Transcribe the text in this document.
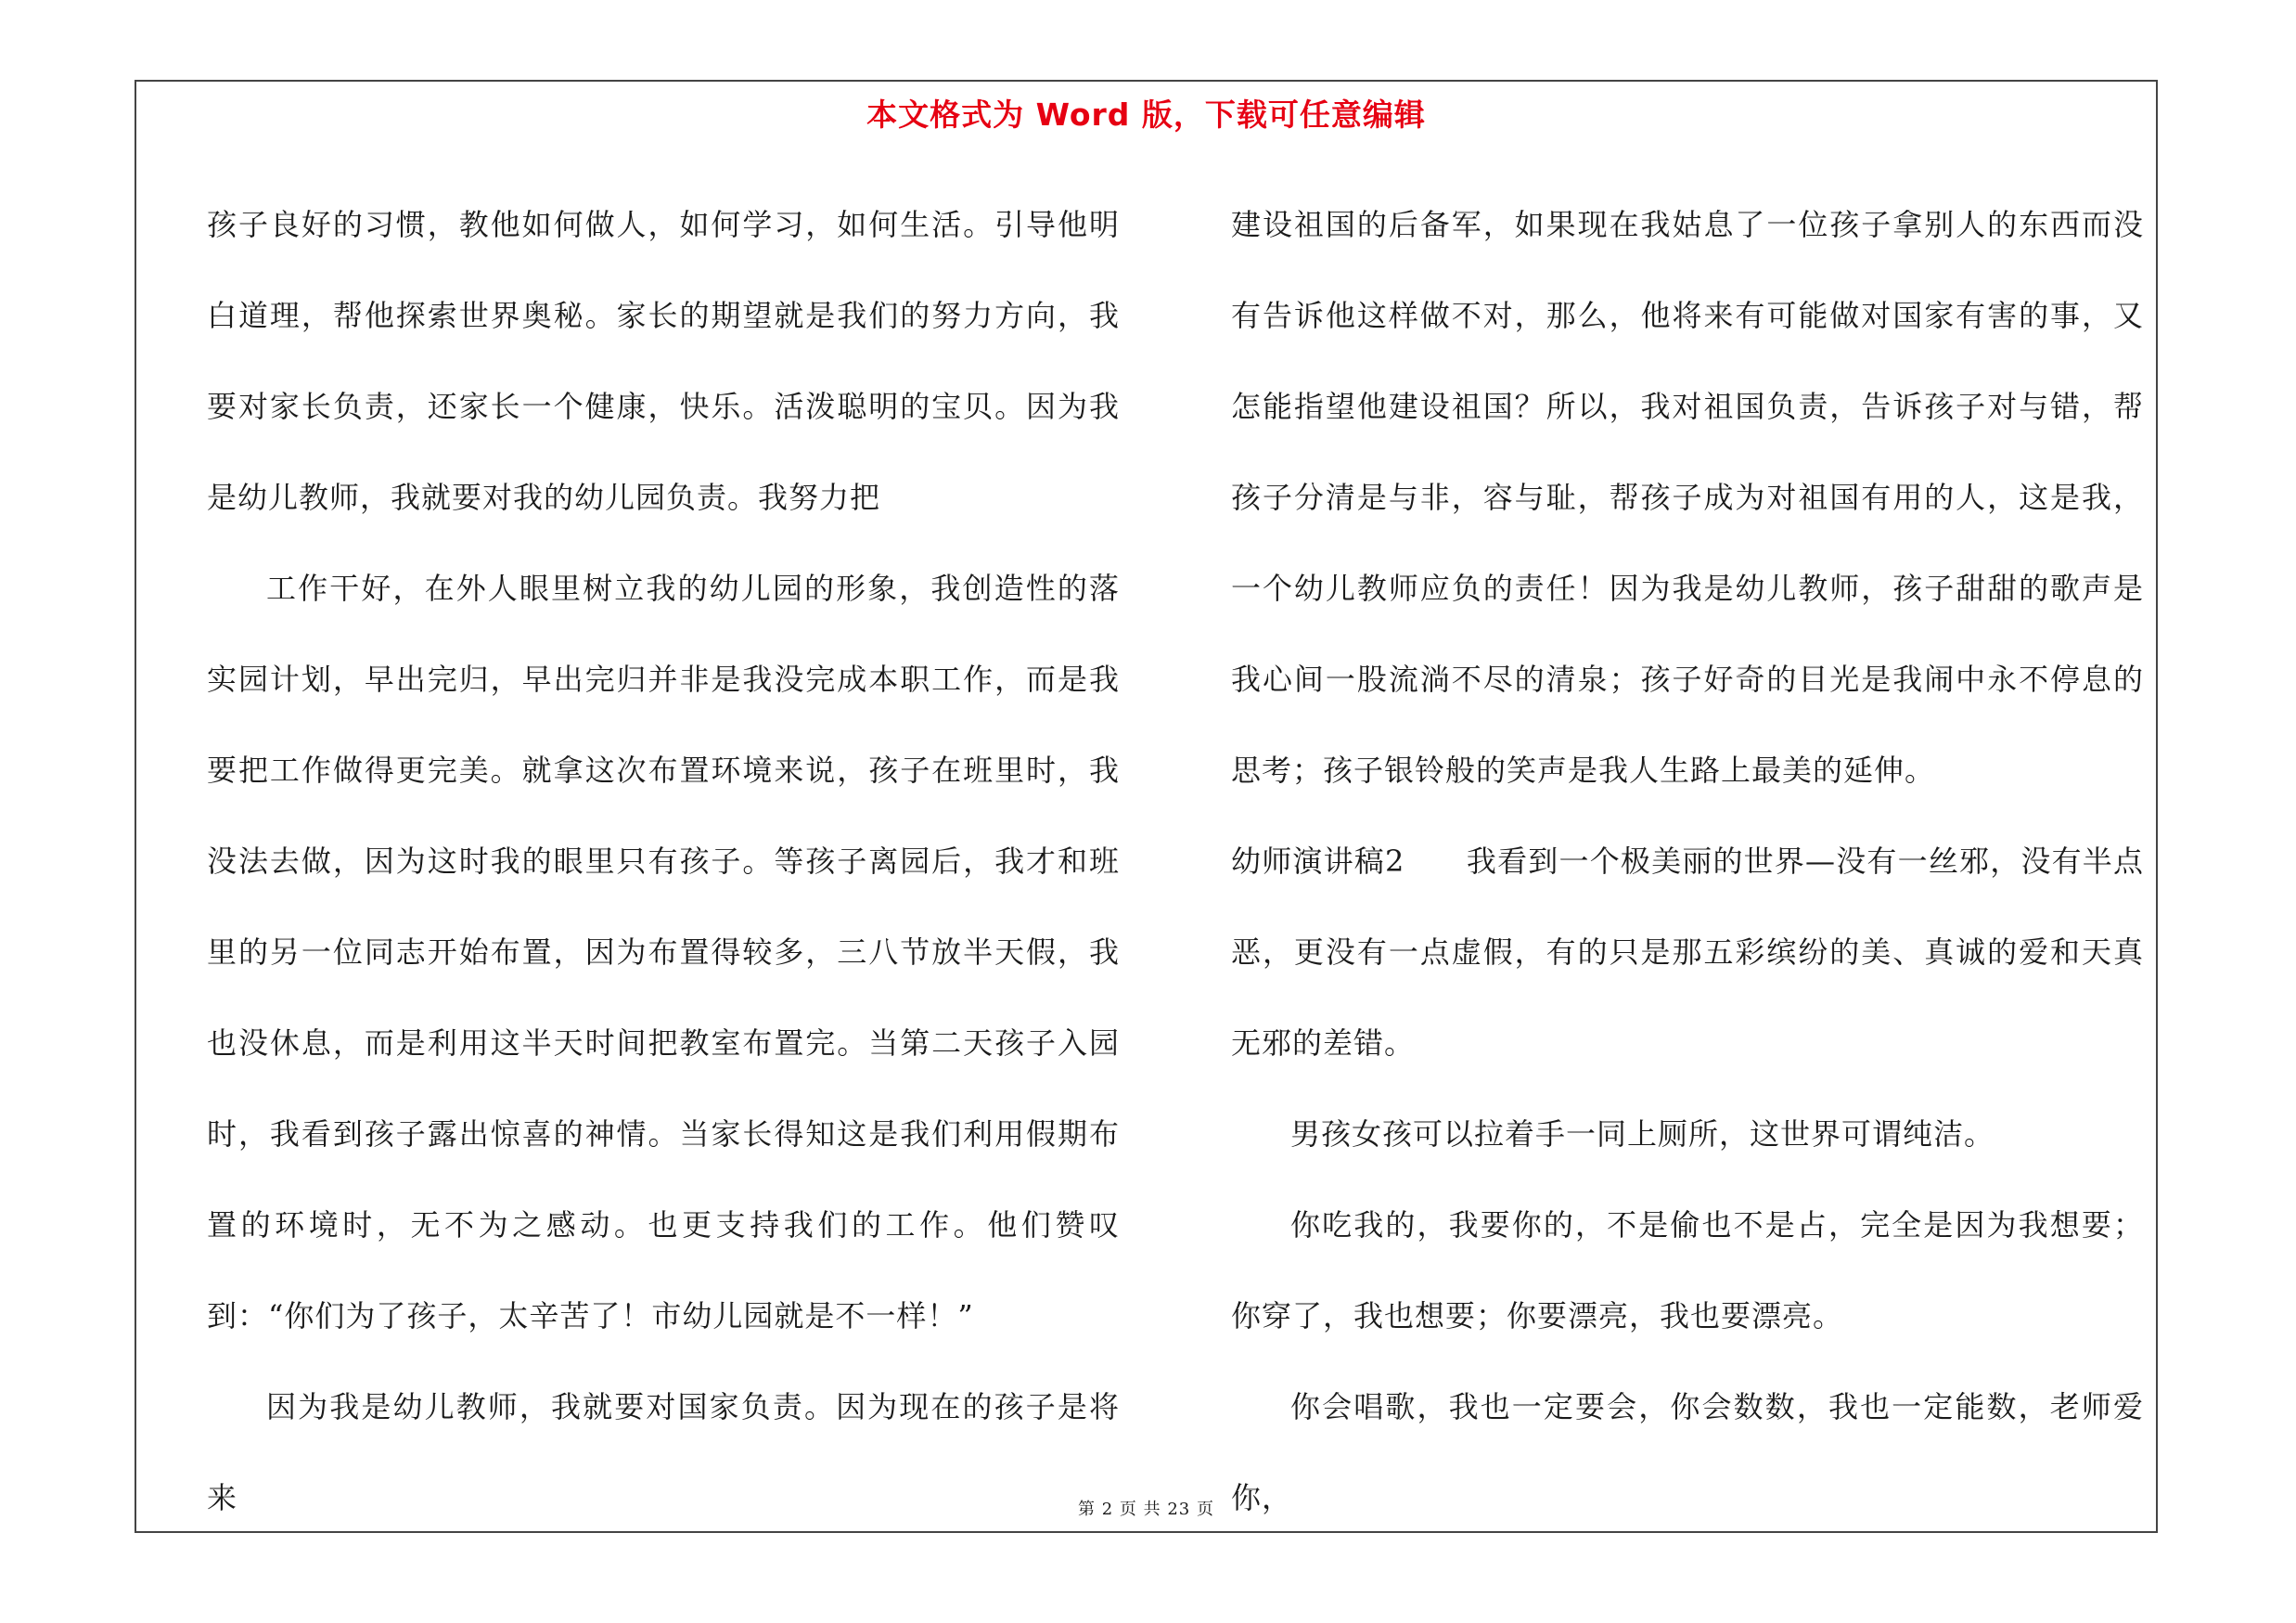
本文格式为 Word 版，下载可任意编辑

孩子良好的习惯，教他如何做人，如何学习，如何生活。引导他明白道理，帮他探索世界奥秘。家长的期望就是我们的努力方向，我要对家长负责，还家长一个健康，快乐。活泼聪明的宝贝。因为我是幼儿教师，我就要对我的幼儿园负责。我努力把

工作干好，在外人眼里树立我的幼儿园的形象，我创造性的落实园计划，早出完归，早出完归并非是我没完成本职工作，而是我要把工作做得更完美。就拿这次布置环境来说，孩子在班里时，我没法去做，因为这时我的眼里只有孩子。等孩子离园后，我才和班里的另一位同志开始布置，因为布置得较多，三八节放半天假，我也没休息，而是利用这半天时间把教室布置完。当第二天孩子入园时，我看到孩子露出惊喜的神情。当家长得知这是我们利用假期布置的环境时，无不为之感动。也更支持我们的工作。他们赞叹到：“你们为了孩子，太辛苦了！市幼儿园就是不一样！”

因为我是幼儿教师，我就要对国家负责。因为现在的孩子是将来

建设祖国的后备军，如果现在我姑息了一位孩子拿别人的东西而没有告诉他这样做不对，那么，他将来有可能做对国家有害的事，又怎能指望他建设祖国？所以，我对祖国负责，告诉孩子对与错，帮孩子分清是与非，容与耻，帮孩子成为对祖国有用的人，这是我，一个幼儿教师应负的责任！因为我是幼儿教师，孩子甜甜的歌声是我心间一股流淌不尽的清泉；孩子好奇的目光是我闹中永不停息的思考；孩子银铃般的笑声是我人生路上最美的延伸。

幼师演讲稿2　　我看到一个极美丽的世界—没有一丝邪，没有半点恶，更没有一点虚假，有的只是那五彩缤纷的美、真诚的爱和天真无邪的差错。

男孩女孩可以拉着手一同上厕所，这世界可谓纯洁。

你吃我的，我要你的，不是偷也不是占，完全是因为我想要；你穿了，我也想要；你要漂亮，我也要漂亮。

你会唱歌，我也一定要会，你会数数，我也一定能数，老师爱你，

第 2 页 共 23 页
